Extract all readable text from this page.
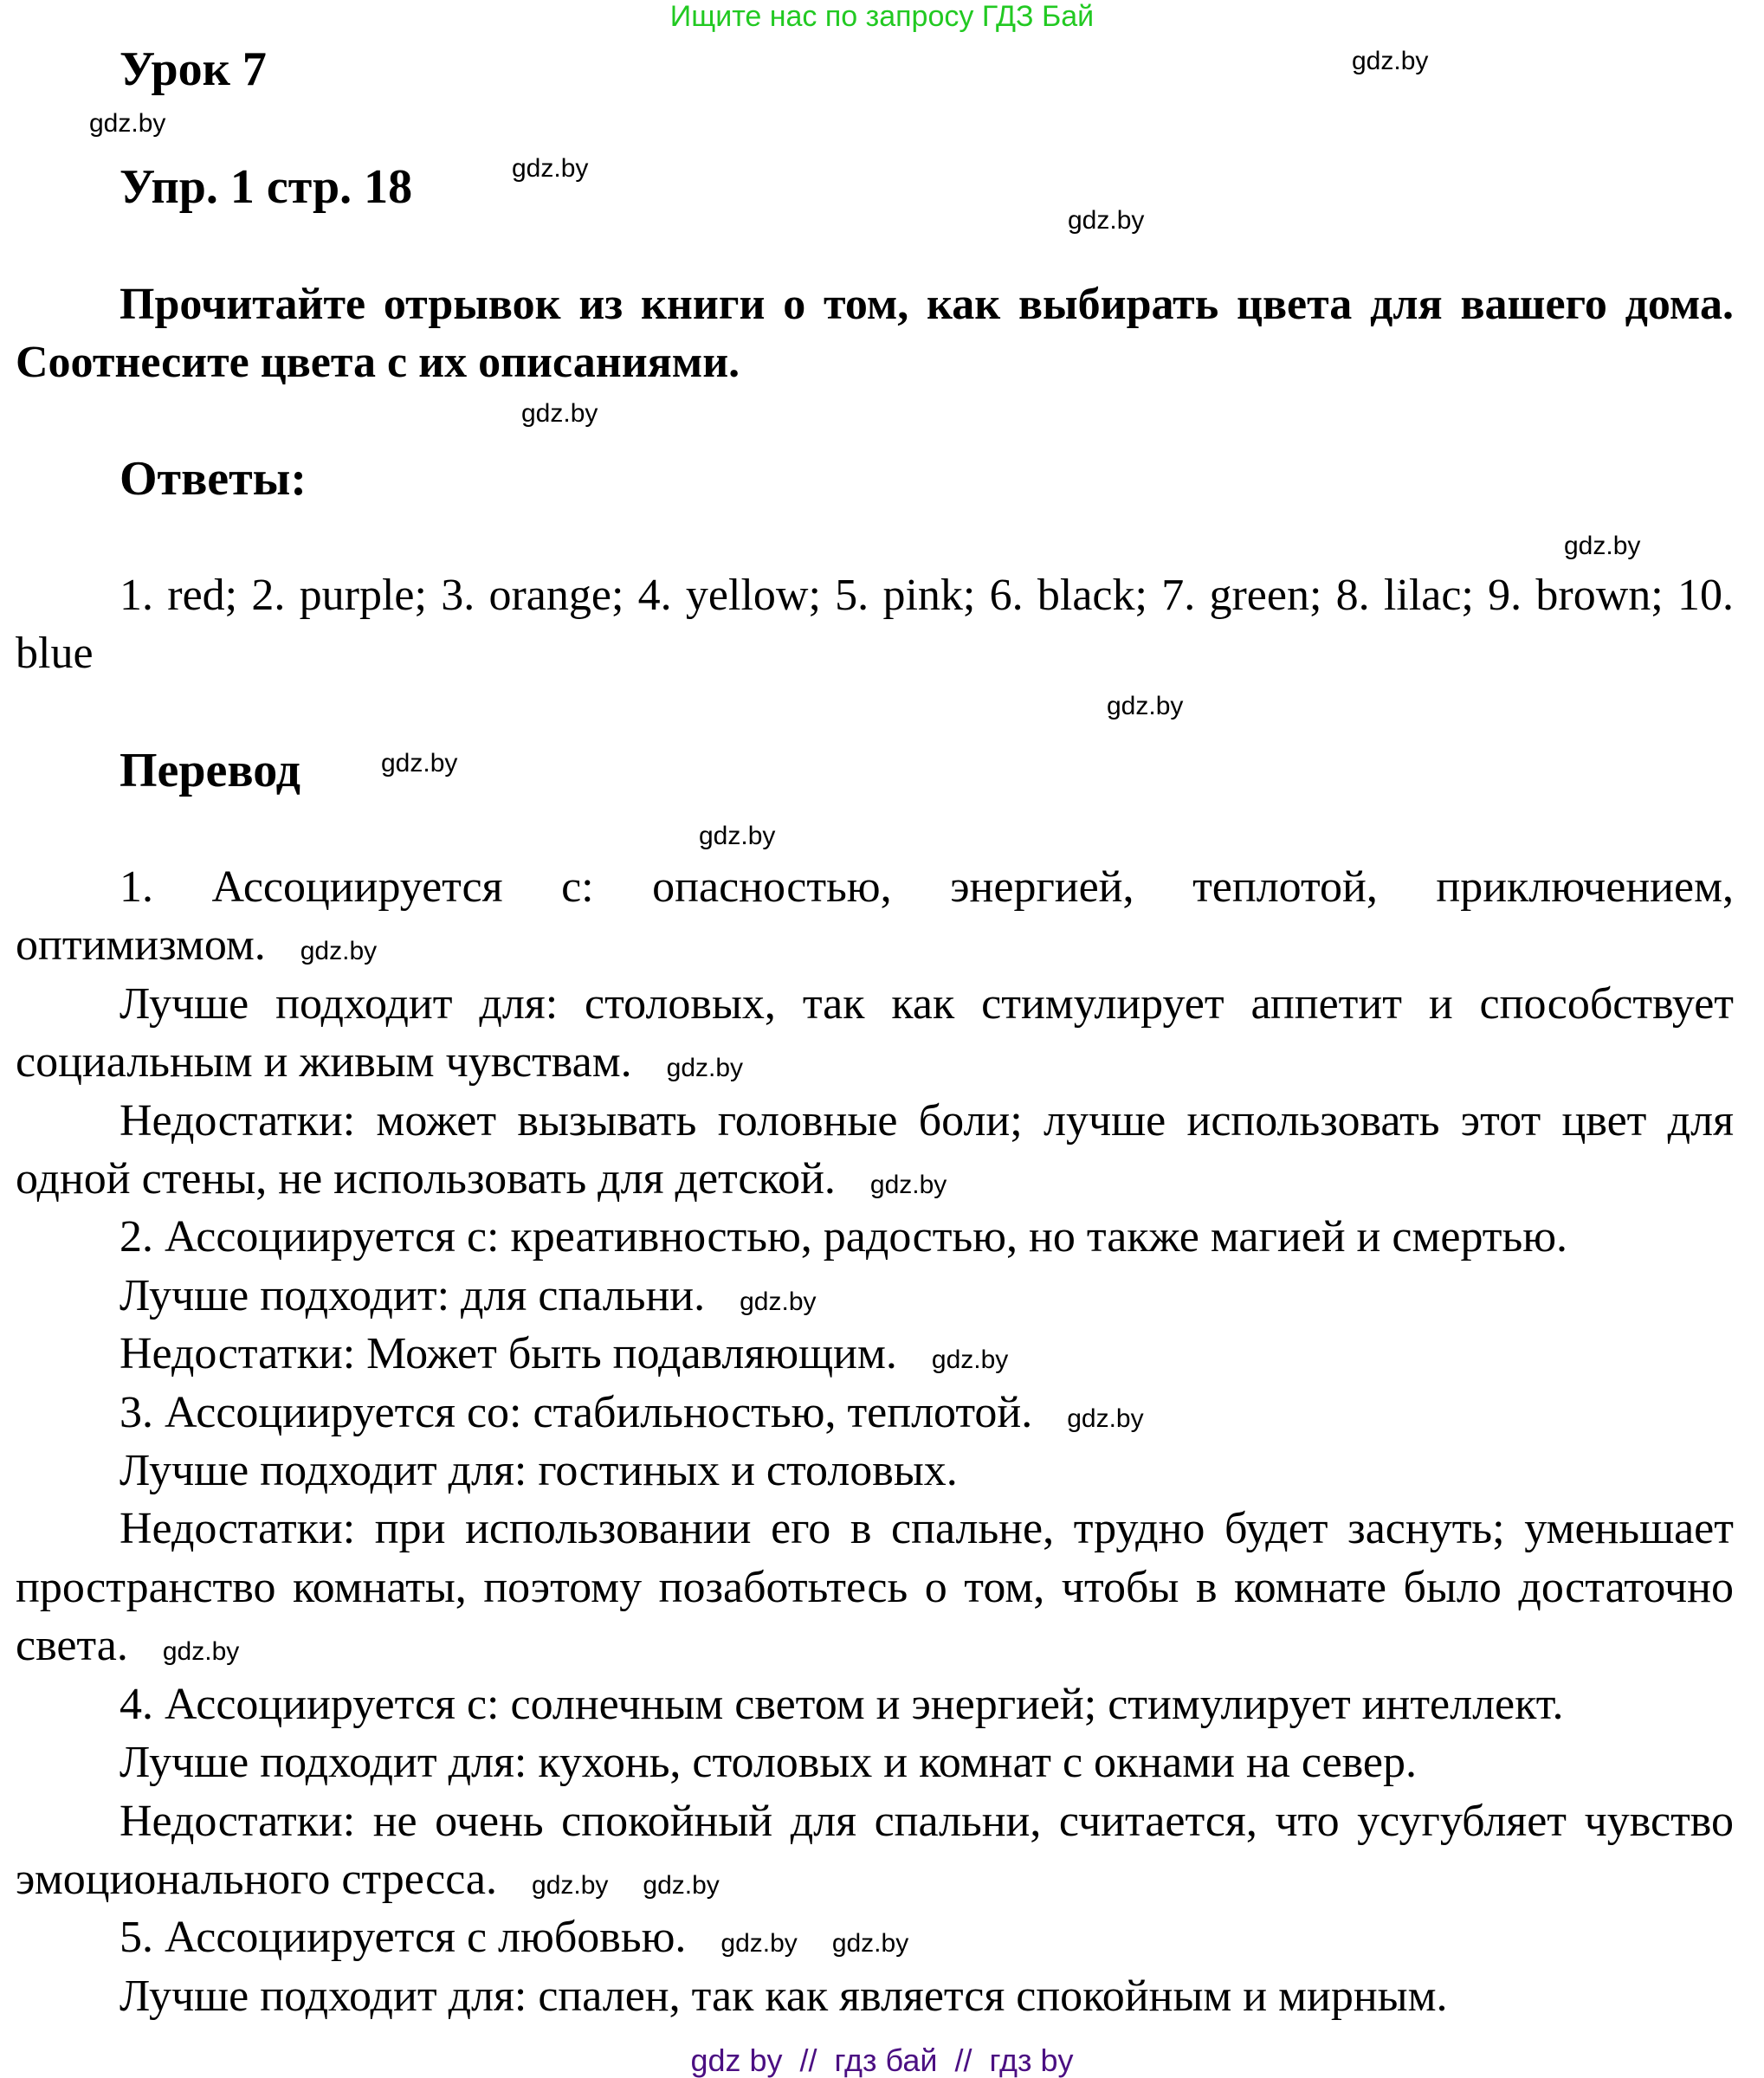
Ищите нас по запросу ГДЗ Бай
Урок 7
Упр. 1 стр. 18

Прочитайте отрывок из книги о том, как выбирать цвета для вашего дома. Соотнесите цвета с их описаниями.

Ответы:

1. red; 2. purple; 3. orange; 4. yellow; 5. pink; 6. black; 7. green; 8. lilac; 9. brown; 10. blue

Перевод

1. Ассоциируется с: опасностью, энергией, теплотой, приключением, оптимизмом. gdz.by

Лучше подходит для: столовых, так как стимулирует аппетит и способствует социальным и живым чувствам. gdz.by

Недостатки: может вызывать головные боли; лучше использовать этот цвет для одной стены, не использовать для детской. gdz.by

2. Ассоциируется с: креативностью, радостью, но также магией и смертью.

Лучше подходит: для спальни. gdz.by

Недостатки: Может быть подавляющим. gdz.by

3. Ассоциируется со: стабильностью, теплотой. gdz.by

Лучше подходит для: гостиных и столовых.

Недостатки: при использовании его в спальне, трудно будет заснуть; уменьшает пространство комнаты, поэтому позаботьтесь о том, чтобы в комнате было достаточно света. gdz.by

4. Ассоциируется с: солнечным светом и энергией; стимулирует интеллект.

Лучше подходит для: кухонь, столовых и комнат с окнами на север.

Недостатки: не очень спокойный для спальни, считается, что усугубляет чувство эмоционального стресса. gdz.by gdz.by

5. Ассоциируется с любовью. gdz.by gdz.by

Лучше подходит для: спален, так как является спокойным и мирным.

gdz.by
gdz.by
gdz.by
gdz.by
gdz.by
gdz.by
gdz.by
gdz.by
gdz.by
gdz by  //  гдз бай  //  гдз by
